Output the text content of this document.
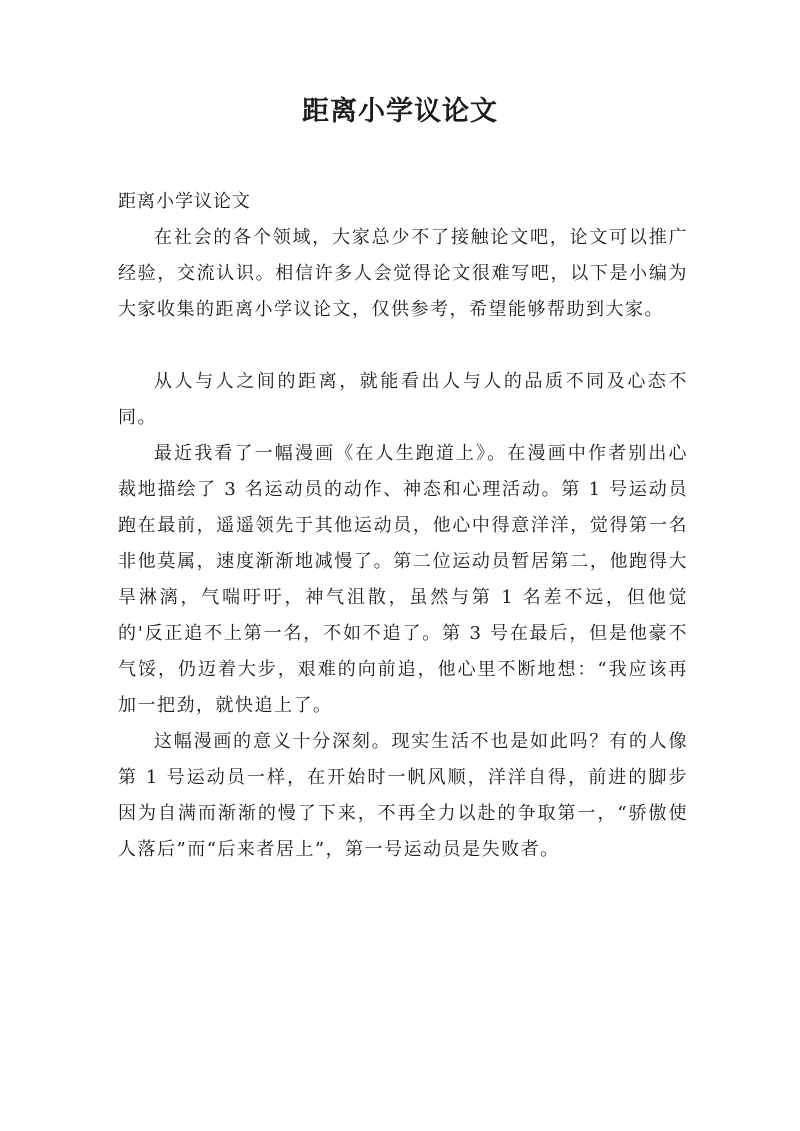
距离小学议论文

距离小学议论文

在社会的各个领域，大家总少不了接触论文吧，论文可以推广经验，交流认识。相信许多人会觉得论文很难写吧，以下是小编为大家收集的距离小学议论文，仅供参考，希望能够帮助到大家。

从人与人之间的距离，就能看出人与人的品质不同及心态不同。

最近我看了一幅漫画《在人生跑道上》。在漫画中作者别出心裁地描绘了 3 名运动员的动作、神态和心理活动。第 1 号运动员跑在最前，遥遥领先于其他运动员，他心中得意洋洋，觉得第一名非他莫属，速度渐渐地减慢了。第二位运动员暂居第二，他跑得大旱淋漓，气喘吁吁，神气沮散，虽然与第 1 名差不远，但他觉的'反正追不上第一名，不如不追了。第 3 号在最后，但是他豪不气馁，仍迈着大步，艰难的向前追，他心里不断地想：“我应该再加一把劲，就快追上了。

这幅漫画的意义十分深刻。现实生活不也是如此吗？有的人像第 1 号运动员一样，在开始时一帆风顺，洋洋自得，前进的脚步因为自满而渐渐的慢了下来，不再全力以赴的争取第一，“骄傲使人落后”而“后来者居上”，第一号运动员是失败者。
